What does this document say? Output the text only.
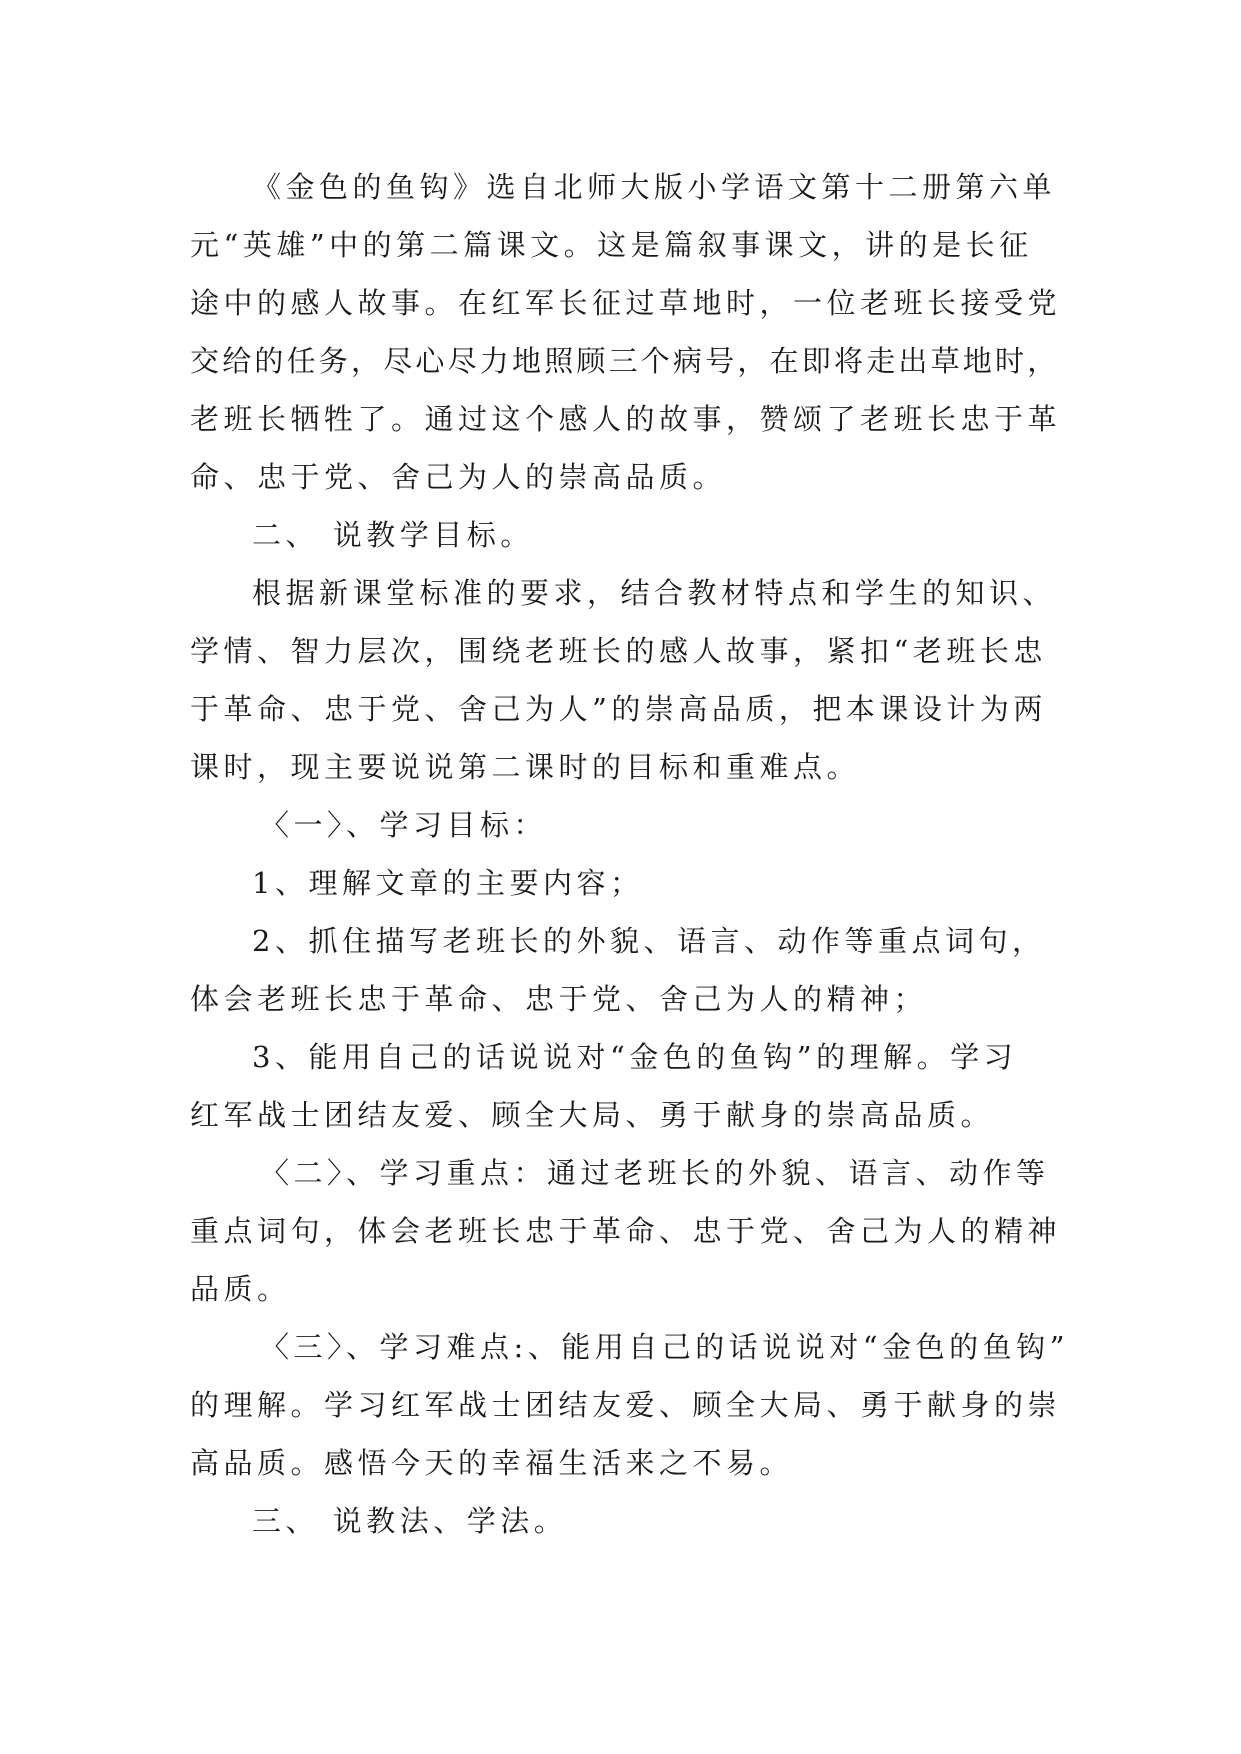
《金色的鱼钩》选自北师大版小学语文第十二册第六单
元“英雄”中的第二篇课文。这是篇叙事课文，讲的是长征
途中的感人故事。在红军长征过草地时，一位老班长接受党
交给的任务，尽心尽力地照顾三个病号，在即将走出草地时，
老班长牺牲了。通过这个感人的故事，赞颂了老班长忠于革
命、忠于党、舍己为人的崇高品质。
二、 说教学目标。
根据新课堂标准的要求，结合教材特点和学生的知识、
学情、智力层次，围绕老班长的感人故事，紧扣“老班长忠
于革命、忠于党、舍己为人”的崇高品质，把本课设计为两
课时，现主要说说第二课时的目标和重难点。
〈一〉、学习目标：
1、理解文章的主要内容；
2、抓住描写老班长的外貌、语言、动作等重点词句，
体会老班长忠于革命、忠于党、舍己为人的精神；
3、能用自己的话说说对“金色的鱼钩”的理解。学习
红军战士团结友爱、顾全大局、勇于献身的崇高品质。
〈二〉、学习重点：通过老班长的外貌、语言、动作等
重点词句，体会老班长忠于革命、忠于党、舍己为人的精神
品质。
〈三〉、学习难点:、能用自己的话说说对“金色的鱼钩”
的理解。学习红军战士团结友爱、顾全大局、勇于献身的崇
高品质。感悟今天的幸福生活来之不易。
三、 说教法、学法。
